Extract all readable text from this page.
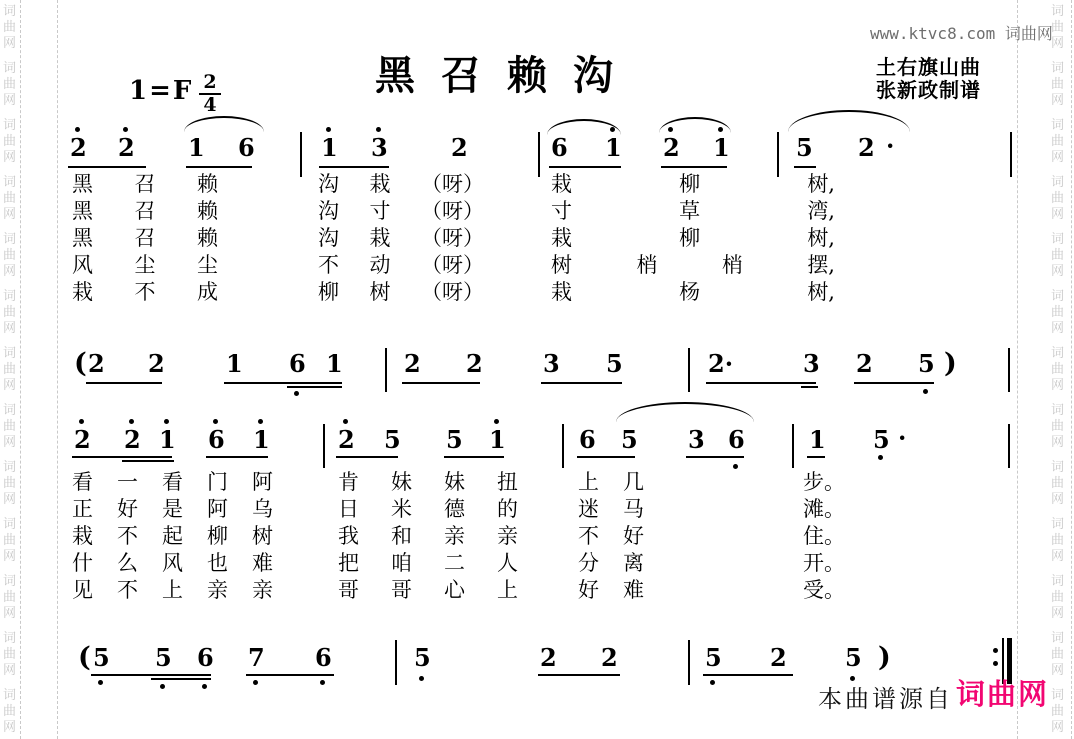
词曲网
词曲网
词曲网
词曲网
词曲网
词曲网
词曲网
词曲网
词曲网
词曲网
词曲网
词曲网
词曲网
词曲网
词曲网
词曲网
词曲网
词曲网
词曲网
词曲网
词曲网
词曲网
词曲网
词曲网
词曲网
词曲网
www.ktvc8.com 词曲网
黑召赖沟
$1=F \frac{2}{4}$
土右旗山曲
张新政制谱
2 2 1 6	1 3	2	6 1 2 1	5 2 ·
黑 召 赖	沟 栽 （呀）	栽	柳	树,
黑 召 赖	沟 寸 （呀）	寸	草	湾,
黑 召 赖	沟 栽 （呀）	栽	柳	树,
风 尘 尘	不 动 （呀）	树	梢	梢	摆,
栽 不 成	柳 树 （呀）	栽	杨	树,
( 2 2	1 6 1	2 2	3 5	2·	3 2 5 )
2 2 1 6 1	2 5 5 1	6 5 3 6	1 5 ·
看 一 看 门 阿	肯 妹 妹 扭	上 几	步。
正 好 是 阿 乌	日 米 德 的	迷 马	滩。
栽 不 起 柳 树	我 和 亲 亲	不 好	住。
什 么 风 也 难	把 咱 二 人	分 离	开。
见 不 上 亲 亲	哥 哥 心 上	好 难	受。
( 5 5 6 7 6	5	2 2	5 2 5 )
本曲谱源自 词曲网
